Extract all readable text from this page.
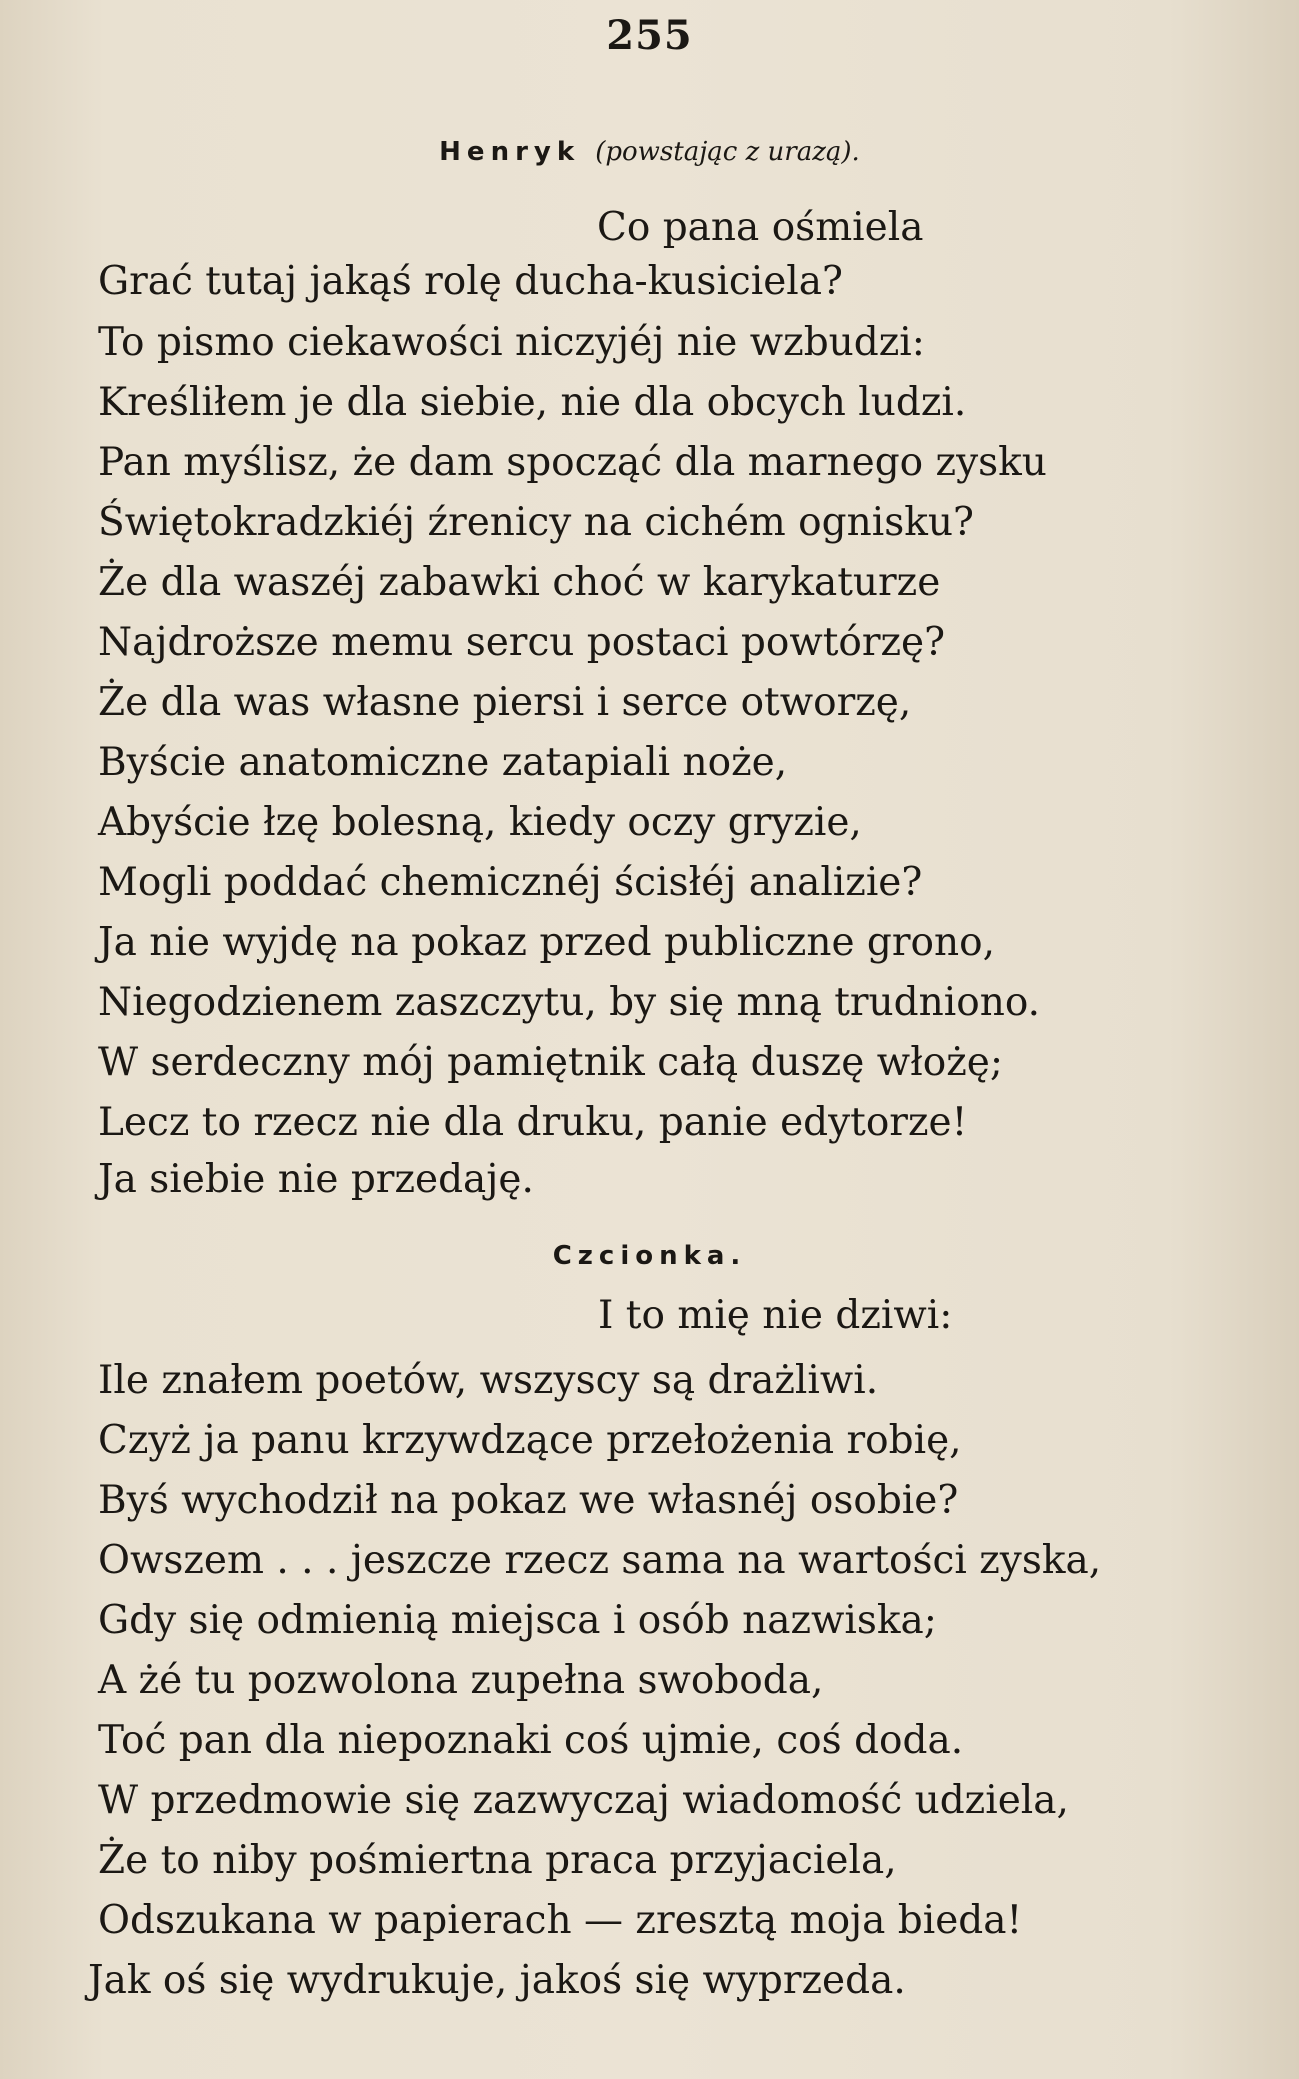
255
Henryk (powstając z urazą).
Co pana ośmiela
Grać tutaj jakąś rolę ducha-kusiciela?
To pismo ciekawości niczyjéj nie wzbudzi:
Kreśliłem je dla siebie, nie dla obcych ludzi.
Pan myślisz, że dam spocząć dla marnego zysku
Świętokradzkiéj źrenicy na cichém ognisku?
Że dla waszéj zabawki choć w karykaturze
Najdroższe memu sercu postaci powtórzę?
Że dla was własne piersi i serce otworzę,
Byście anatomiczne zatapiali noże,
Abyście łzę bolesną, kiedy oczy gryzie,
Mogli poddać chemicznéj ścisłéj analizie?
Ja nie wyjdę na pokaz przed publiczne grono,
Niegodzienem zaszczytu, by się mną trudniono.
W serdeczny mój pamiętnik całą duszę włożę;
Lecz to rzecz nie dla druku, panie edytorze!
Ja siebie nie przedaję.
Czcionka.
I to mię nie dziwi:
Ile znałem poetów, wszyscy są drażliwi.
Czyż ja panu krzywdzące przełożenia robię,
Byś wychodził na pokaz we własnéj osobie?
Owszem . . . jeszcze rzecz sama na wartości zyska,
Gdy się odmienią miejsca i osób nazwiska;
A żé tu pozwolona zupełna swoboda,
Toć pan dla niepoznaki coś ujmie, coś doda.
W przedmowie się zazwyczaj wiadomość udziela,
Że to niby pośmiertna praca przyjaciela,
Odszukana w papierach — zresztą moja bieda!
Jak oś się wydrukuje, jakoś się wyprzeda.
